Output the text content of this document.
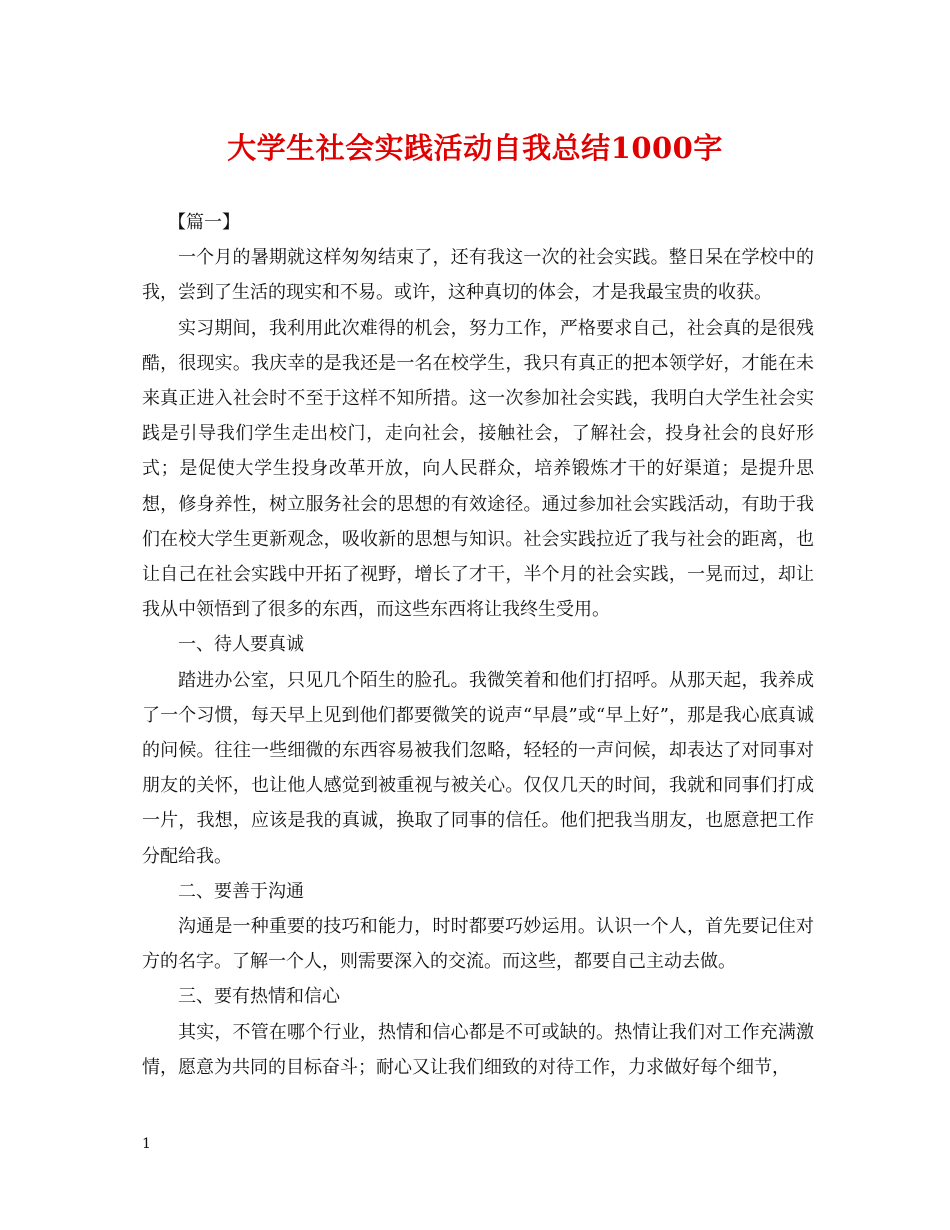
大学生社会实践活动自我总结1000字

【篇一】

一个月的暑期就这样匆匆结束了，还有我这一次的社会实践。整日呆在学校中的我，尝到了生活的现实和不易。或许，这种真切的体会，才是我最宝贵的收获。

实习期间，我利用此次难得的机会，努力工作，严格要求自己，社会真的是很残酷，很现实。我庆幸的是我还是一名在校学生，我只有真正的把本领学好，才能在未来真正进入社会时不至于这样不知所措。这一次参加社会实践，我明白大学生社会实践是引导我们学生走出校门，走向社会，接触社会，了解社会，投身社会的良好形式；是促使大学生投身改革开放，向人民群众，培养锻炼才干的好渠道；是提升思想，修身养性，树立服务社会的思想的有效途径。通过参加社会实践活动，有助于我们在校大学生更新观念，吸收新的思想与知识。社会实践拉近了我与社会的距离，也让自己在社会实践中开拓了视野，增长了才干，半个月的社会实践，一晃而过，却让我从中领悟到了很多的东西，而这些东西将让我终生受用。

一、待人要真诚

踏进办公室，只见几个陌生的脸孔。我微笑着和他们打招呼。从那天起，我养成了一个习惯，每天早上见到他们都要微笑的说声“早晨”或“早上好”，那是我心底真诚的问候。往往一些细微的东西容易被我们忽略，轻轻的一声问候，却表达了对同事对朋友的关怀，也让他人感觉到被重视与被关心。仅仅几天的时间，我就和同事们打成一片，我想，应该是我的真诚，换取了同事的信任。他们把我当朋友，也愿意把工作分配给我。

二、要善于沟通

沟通是一种重要的技巧和能力，时时都要巧妙运用。认识一个人，首先要记住对方的名字。了解一个人，则需要深入的交流。而这些，都要自己主动去做。

三、要有热情和信心

其实，不管在哪个行业，热情和信心都是不可或缺的。热情让我们对工作充满激情，愿意为共同的目标奋斗；耐心又让我们细致的对待工作，力求做好每个细节，

1
